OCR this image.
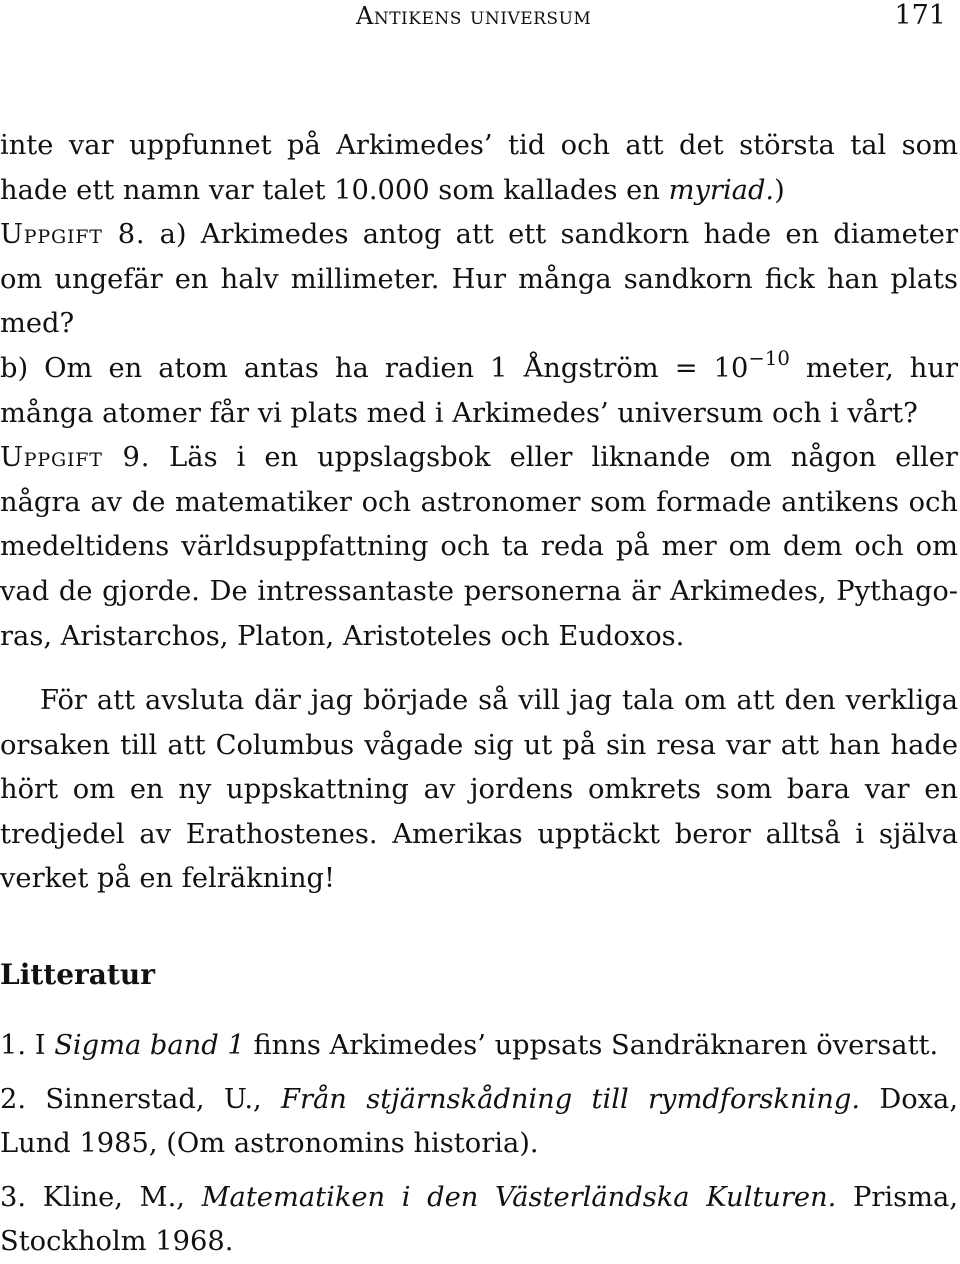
Antikens universum	171
inte var uppfunnet på Arkimedes’ tid och att det största tal som
hade ett namn var talet 10.000 som kallades en myriad.)
Uppgift 8. a) Arkimedes antog att ett sandkorn hade en diameter
om ungefär en halv millimeter. Hur många sandkorn fick han plats
med?
b) Om en atom antas ha radien 1 Ångström = $10^{-10}$ meter, hur
många atomer får vi plats med i Arkimedes’ universum och i vårt?
Uppgift 9. Läs i en uppslagsbok eller liknande om någon eller
några av de matematiker och astronomer som formade antikens och
medeltidens världsuppfattning och ta reda på mer om dem och om
vad de gjorde. De intressantaste personerna är Arkimedes, Pythago-
ras, Aristarchos, Platon, Aristoteles och Eudoxos.
För att avsluta där jag började så vill jag tala om att den verkliga
orsaken till att Columbus vågade sig ut på sin resa var att han hade
hört om en ny uppskattning av jordens omkrets som bara var en
tredjedel av Erathostenes. Amerikas upptäckt beror alltså i själva
verket på en felräkning!
Litteratur
1. I Sigma band 1 finns Arkimedes’ uppsats Sandräknaren översatt.
2. Sinnerstad, U., Från stjärnskådning till rymdforskning. Doxa,
Lund 1985, (Om astronomins historia).
3. Kline, M., Matematiken i den Västerländska Kulturen. Prisma,
Stockholm 1968.
